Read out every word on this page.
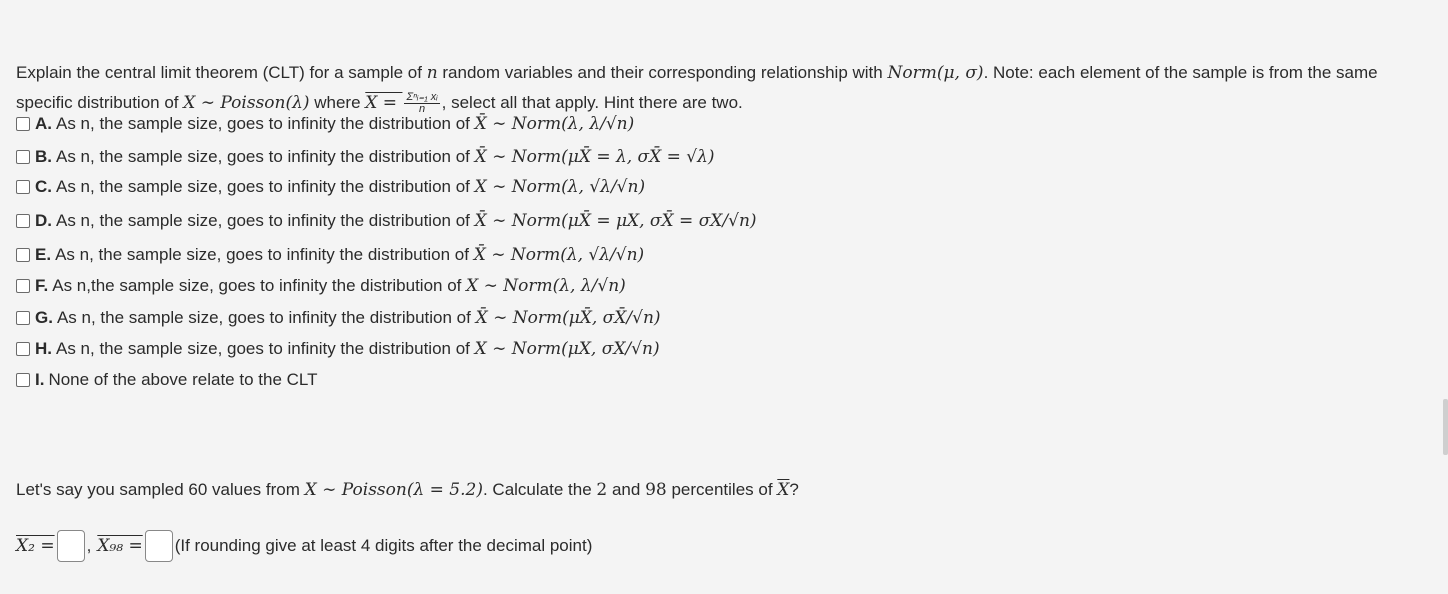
Explain the central limit theorem (CLT) for a sample of n random variables and their corresponding relationship with Norm(μ, σ). Note: each element of the sample is from the same
specific distribution of X ∼ Poisson(λ) where $X = \frac{\text{Σⁿᵢ₌₁ xᵢ}}{n}$ , select all that apply. Hint there are two.
A. As n, the sample size, goes to infinity the distribution of
X̄ ∼ Norm(λ, λ/√n)
B. As n, the sample size, goes to infinity the distribution of
X̄ ∼ Norm(μX̄ = λ, σX̄ = √λ)
C. As n, the sample size, goes to infinity the distribution of
X ∼ Norm(λ, √λ/√n)
D. As n, the sample size, goes to infinity the distribution of
X̄ ∼ Norm(μX̄ = μX, σX̄ = σX/√n)
E. As n, the sample size, goes to infinity the distribution of
X̄ ∼ Norm(λ, √λ/√n)
F. As n,the sample size, goes to infinity the distribution of
X ∼ Norm(λ, λ/√n)
G. As n, the sample size, goes to infinity the distribution of
X̄ ∼ Norm(μX̄, σX̄/√n)
H. As n, the sample size, goes to infinity the distribution of
X ∼ Norm(μX, σX/√n)
I. None of the above relate to the CLT
Let's say you sampled 60 values from X ∼ Poisson(λ = 5.2). Calculate the 2 and 98 percentiles of $\overline{X}$?
X₂ = , X₉₈ = (If rounding give at least 4 digits after the decimal point)
